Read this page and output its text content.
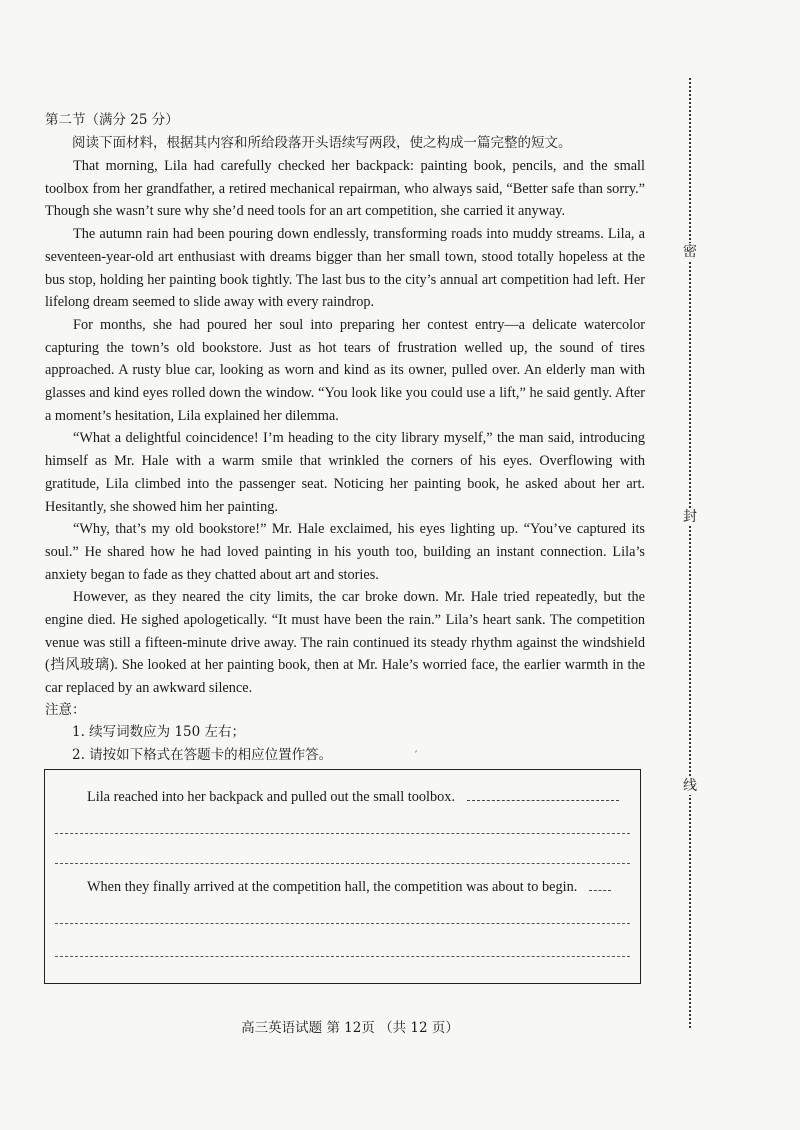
第二节（满分 25 分）

阅读下面材料，根据其内容和所给段落开头语续写两段，使之构成一篇完整的短文。

That morning, Lila had carefully checked her backpack: painting book, pencils, and the small toolbox from her grandfather, a retired mechanical repairman, who always said, “Better safe than sorry.” Though she wasn’t sure why she’d need tools for an art competition, she carried it anyway.

The autumn rain had been pouring down endlessly, transforming roads into muddy streams. Lila, a seventeen-year-old art enthusiast with dreams bigger than her small town, stood totally hopeless at the bus stop, holding her painting book tightly. The last bus to the city’s annual art competition had left. Her lifelong dream seemed to slide away with every raindrop.

For months, she had poured her soul into preparing her contest entry—a delicate watercolor capturing the town’s old bookstore. Just as hot tears of frustration welled up, the sound of tires approached. A rusty blue car, looking as worn and kind as its owner, pulled over. An elderly man with glasses and kind eyes rolled down the window. “You look like you could use a lift,” he said gently. After a moment’s hesitation, Lila explained her dilemma.

“What a delightful coincidence! I’m heading to the city library myself,” the man said, introducing himself as Mr. Hale with a warm smile that wrinkled the corners of his eyes. Overflowing with gratitude, Lila climbed into the passenger seat. Noticing her painting book, he asked about her art. Hesitantly, she showed him her painting.

“Why, that’s my old bookstore!” Mr. Hale exclaimed, his eyes lighting up. “You’ve captured its soul.” He shared how he had loved painting in his youth too, building an instant connection. Lila’s anxiety began to fade as they chatted about art and stories.

However, as they neared the city limits, the car broke down. Mr. Hale tried repeatedly, but the engine died. He sighed apologetically. “It must have been the rain.” Lila’s heart sank. The competition venue was still a fifteen-minute drive away. The rain continued its steady rhythm against the windshield (挡风玻璃). She looked at her painting book, then at Mr. Hale’s worried face, the earlier warmth in the car replaced by an awkward silence.

注意：

1. 续写词数应为 150 左右；

2. 请按如下格式在答题卡的相应位置作答。	ˊ
Lila reached into her backpack and pulled out the small toolbox.
When they finally arrived at the competition hall, the competition was about to begin.
高三英语试题 第 12页 （共 12 页）
密
封
线
